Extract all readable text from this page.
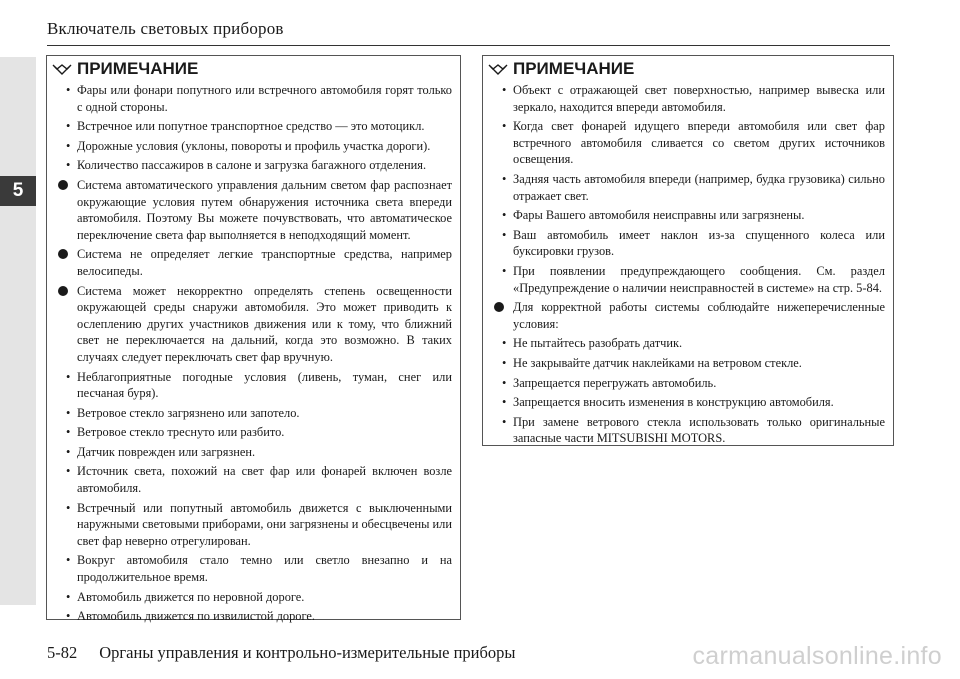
Включатель световых приборов
5
ПРИМЕЧАНИЕ
• Фары или фонари попутного или встречного автомобиля горят только с одной стороны.
• Встречное или попутное транспортное средство — это мотоцикл.
• Дорожные условия (уклоны, повороты и профиль участка дороги).
• Количество пассажиров в салоне и загрузка багажного отделения.
Система автоматического управления дальним светом фар распознает окружающие условия путем обнаружения источника света впереди автомобиля. Поэтому Вы можете почувствовать, что автоматическое переключение света фар выполняется в неподходящий момент.
Система не определяет легкие транспортные средства, например велосипеды.
Система может некорректно определять степень освещенности окружающей среды снаружи автомобиля. Это может приводить к ослеплению других участников движения или к тому, что ближний свет не переключается на дальний, когда это возможно. В таких случаях следует переключать свет фар вручную.
• Неблагоприятные погодные условия (ливень, туман, снег или песчаная буря).
• Ветровое стекло загрязнено или запотело.
• Ветровое стекло треснуто или разбито.
• Датчик поврежден или загрязнен.
• Источник света, похожий на свет фар или фонарей включен возле автомобиля.
• Встречный или попутный автомобиль движется с выключенными наружными световыми приборами, они загрязнены и обесцвечены или свет фар неверно отрегулирован.
• Вокруг автомобиля стало темно или светло внезапно и на продолжительное время.
• Автомобиль движется по неровной дороге.
• Автомобиль движется по извилистой дороге.
ПРИМЕЧАНИЕ
• Объект с отражающей свет поверхностью, например вывеска или зеркало, находится впереди автомобиля.
• Когда свет фонарей идущего впереди автомобиля или свет фар встречного автомобиля сливается со светом других источников освещения.
• Задняя часть автомобиля впереди (например, будка грузовика) сильно отражает свет.
• Фары Вашего автомобиля неисправны или загрязнены.
• Ваш автомобиль имеет наклон из-за спущенного колеса или буксировки грузов.
• При появлении предупреждающего сообщения. См. раздел «Предупреждение о наличии неисправностей в системе» на стр. 5-84.
Для корректной работы системы соблюдайте нижеперечисленные условия:
• Не пытайтесь разобрать датчик.
• Не закрывайте датчик наклейками на ветровом стекле.
• Запрещается перегружать автомобиль.
• Запрещается вносить изменения в конструкцию автомобиля.
• При замене ветрового стекла использовать только оригинальные запасные части MITSUBISHI MOTORS.
5-82 Органы управления и контрольно-измерительные приборы	carmanualsonline.info
